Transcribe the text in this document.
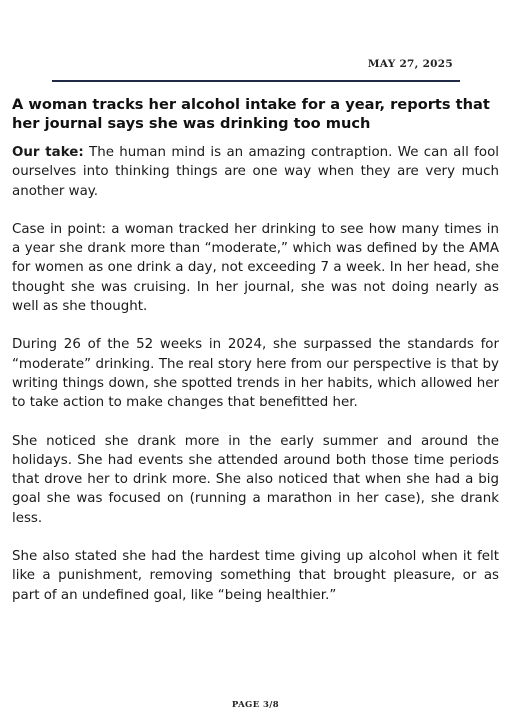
MAY 27, 2025
A woman tracks her alcohol intake for a year, reports that her journal says she was drinking too much

Our take: The human mind is an amazing contraption. We can all fool ourselves into thinking things are one way when they are very much another way.

Case in point: a woman tracked her drinking to see how many times in a year she drank more than “moderate,” which was defined by the AMA for women as one drink a day, not exceeding 7 a week. In her head, she thought she was cruising. In her journal, she was not doing nearly as well as she thought.

During 26 of the 52 weeks in 2024, she surpassed the standards for “moderate” drinking. The real story here from our perspective is that by writing things down, she spotted trends in her habits, which allowed her to take action to make changes that benefitted her.

She noticed she drank more in the early summer and around the holidays. She had events she attended around both those time periods that drove her to drink more. She also noticed that when she had a big goal she was focused on (running a marathon in her case), she drank less.

She also stated she had the hardest time giving up alcohol when it felt like a punishment, removing something that brought pleasure, or as part of an undefined goal, like “being healthier.”

PAGE 3/8
